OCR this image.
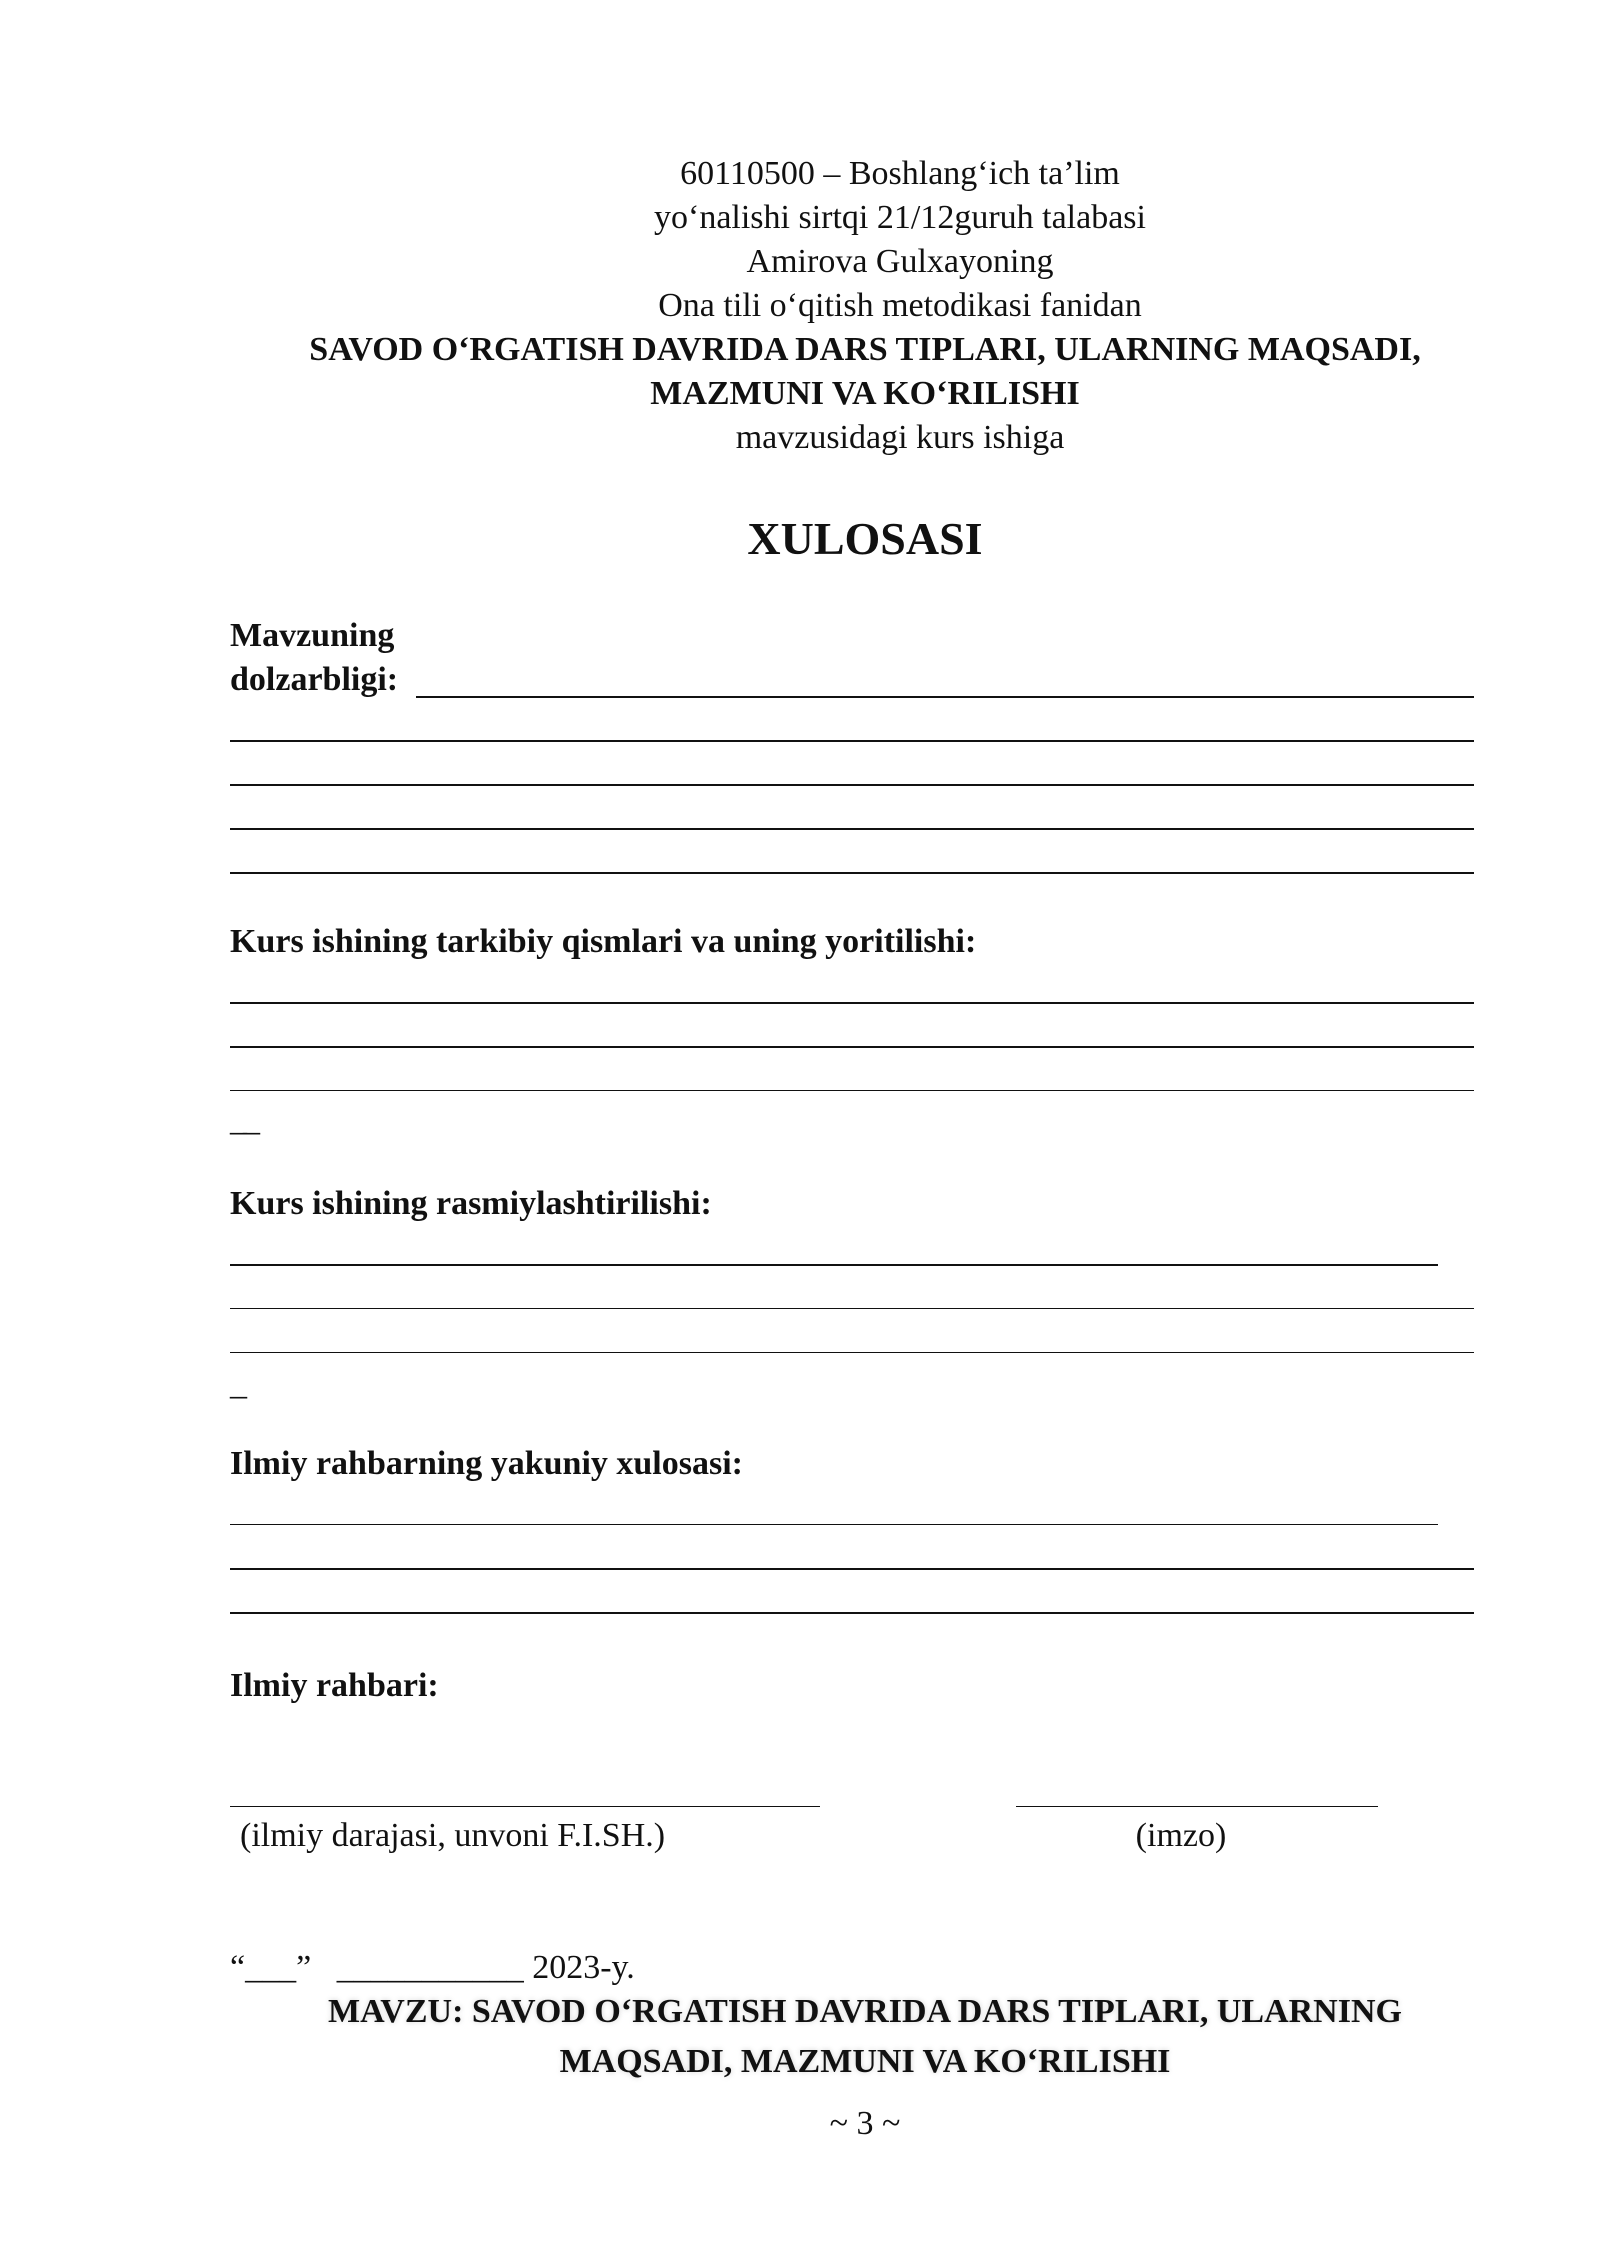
60110500 – Boshlang‘ich ta’lim
yo‘nalishi sirtqi 21/12guruh talabasi
Amirova Gulxayoning
Ona tili o‘qitish metodikasi fanidan
SAVOD O‘RGATISH DAVRIDA DARS TIPLARI, ULARNING MAQSADI,
MAZMUNI VA KO‘RILISHI
mavzusidagi kurs ishiga
XULOSASI
Mavzuning
dolzarbligi:
Kurs ishining tarkibiy qismlari va uning yoritilishi:
__
Kurs ishining rasmiylashtirilishi:
_
Ilmiy rahbarning yakuniy xulosasi:
Ilmiy rahbari:
(ilmiy darajasi, unvoni F.I.SH.)	(imzo)
“___” ___________ 2023-y.
MAVZU: SAVOD O‘RGATISH DAVRIDA DARS TIPLARI, ULARNING
MAQSADI, MAZMUNI VA KO‘RILISHI
~ 3 ~
